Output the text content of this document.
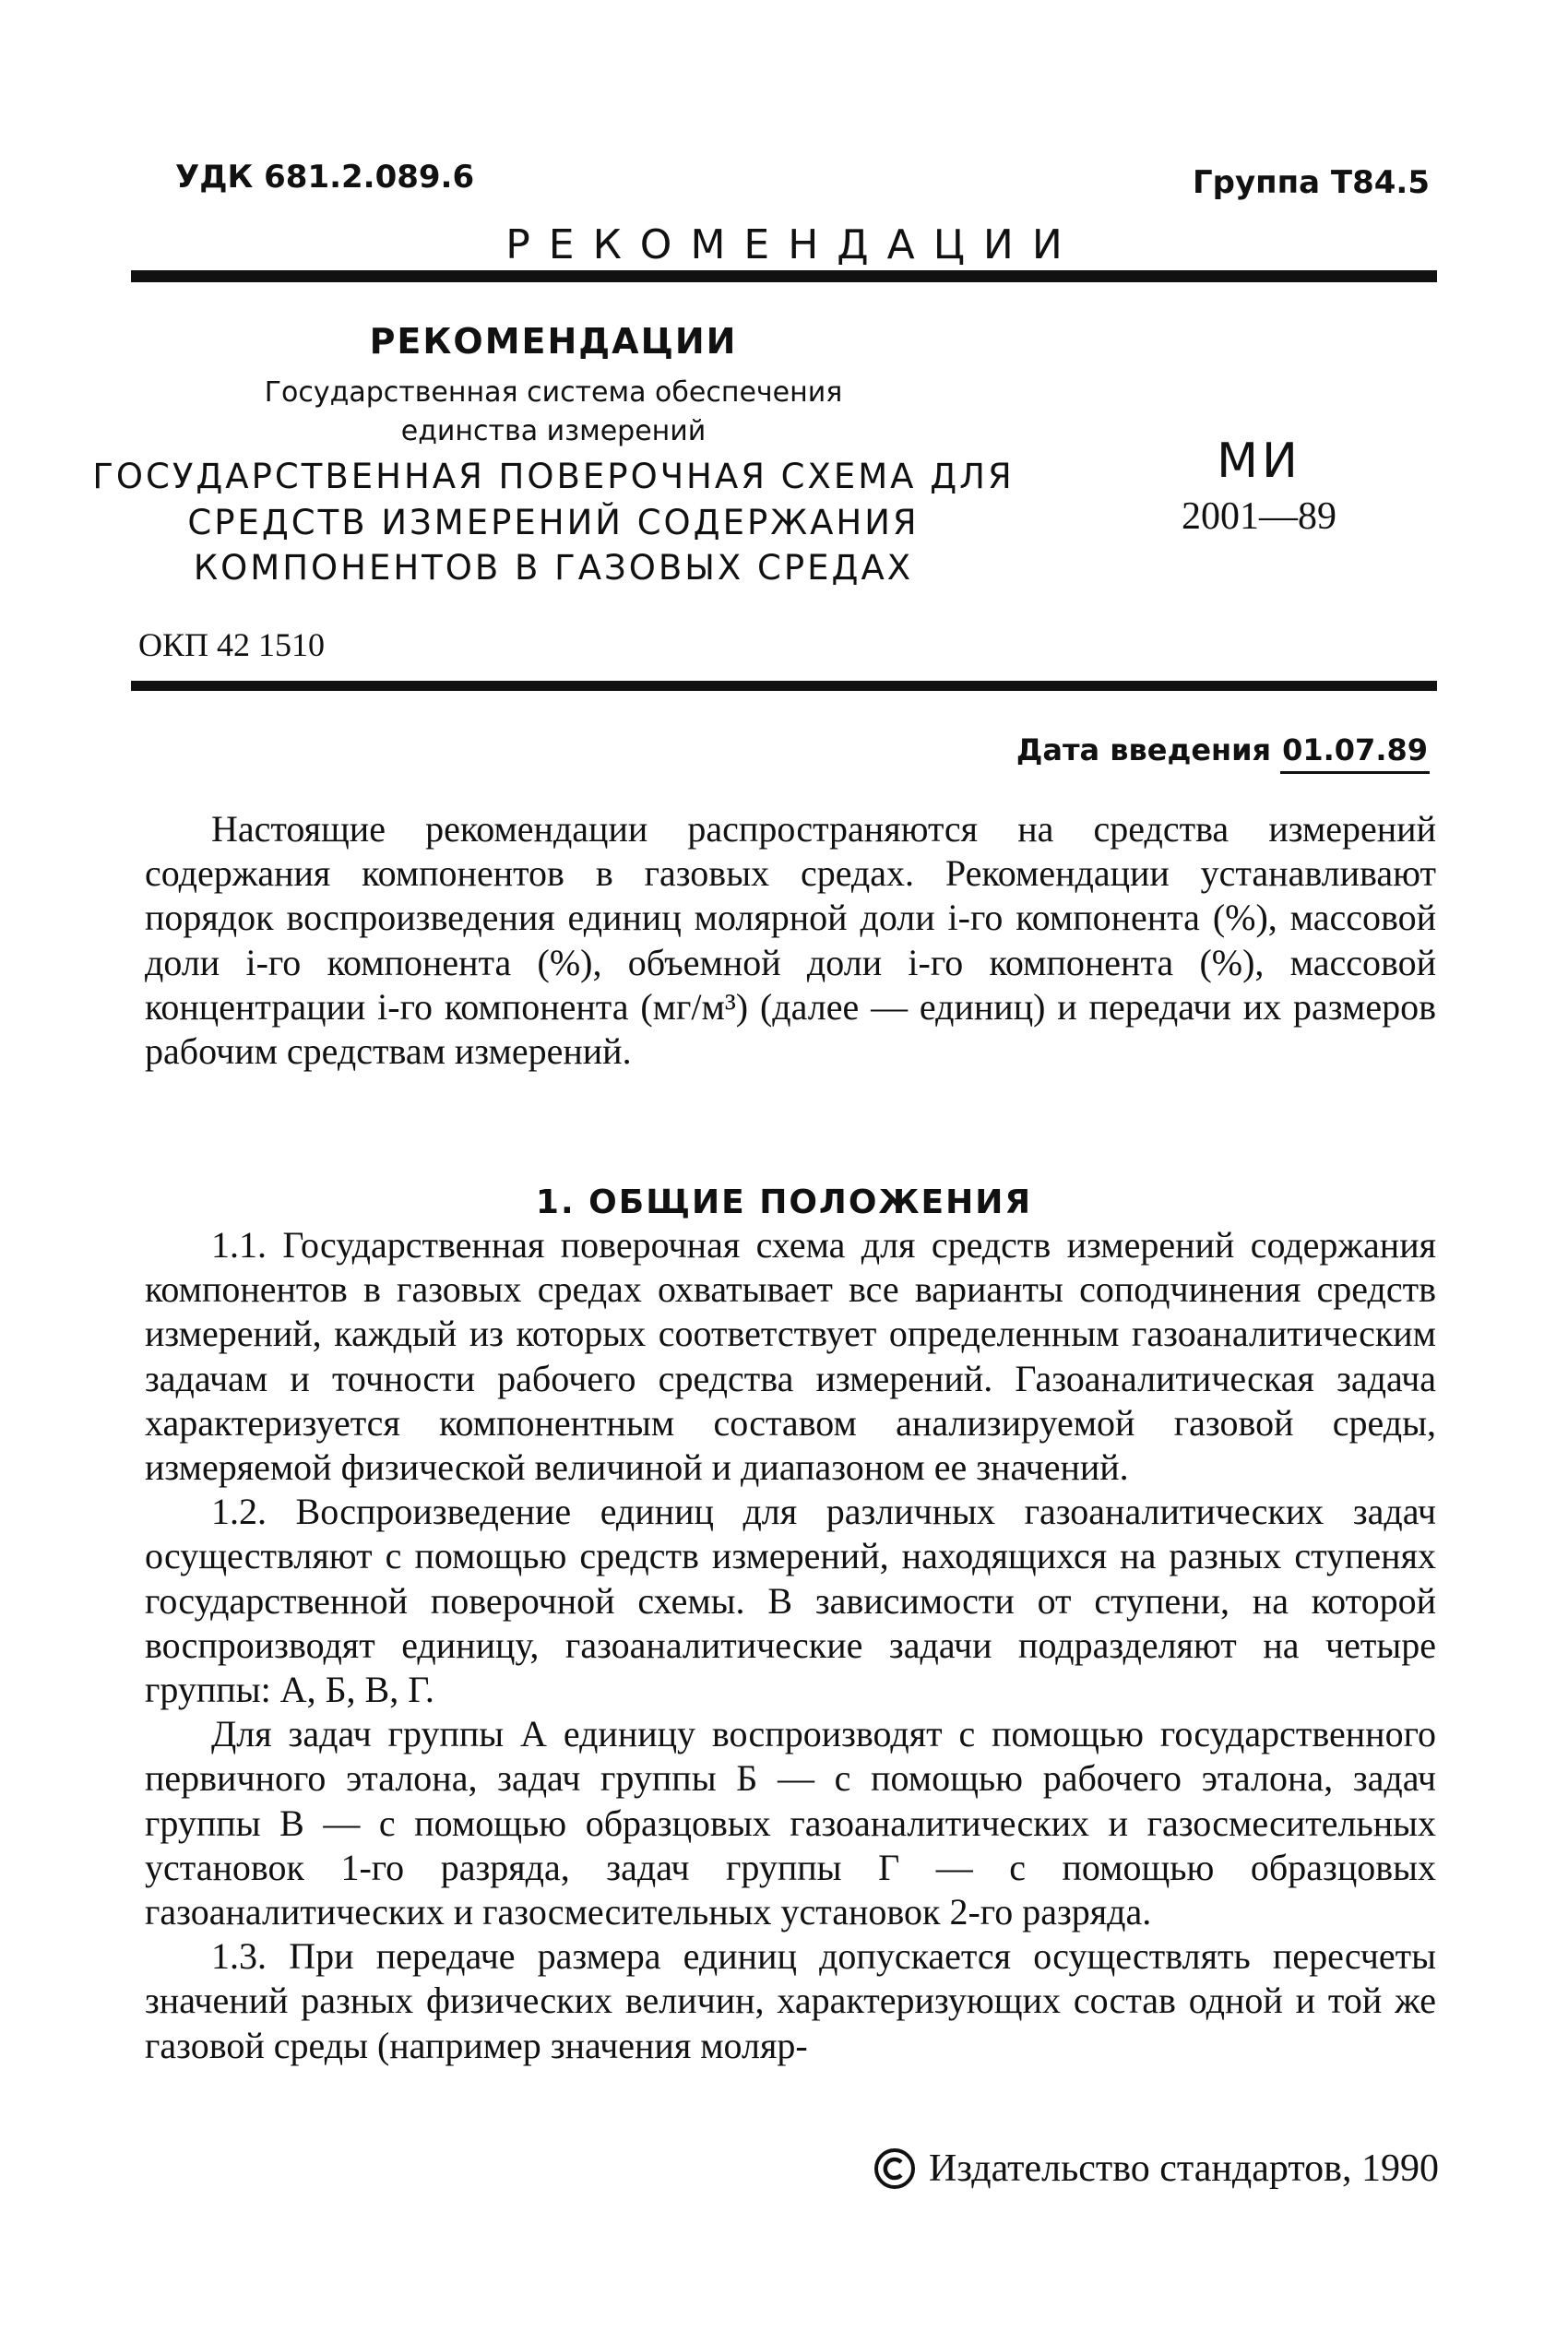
УДК 681.2.089.6	Группа Т84.5
РЕКОМЕНДАЦИИ
РЕКОМЕНДАЦИИ
Государственная система обеспечения
единства измерений
ГОСУДАРСТВЕННАЯ ПОВЕРОЧНАЯ СХЕМА ДЛЯ
СРЕДСТВ ИЗМЕРЕНИЙ СОДЕРЖАНИЯ
КОМПОНЕНТОВ В ГАЗОВЫХ СРЕДАХ
МИ
2001—89
ОКП 42 1510
Дата введения 01.07.89

Настоящие рекомендации распространяются на средства измерений содержания компонентов в газовых средах. Рекомендации устанавливают порядок воспроизведения единиц молярной доли i-го компонента (%), массовой доли i-го компонента (%), объемной доли i-го компонента (%), массовой концентрации i-го компонента (мг/м³) (далее — единиц) и передачи их размеров рабочим средствам измерений.

1. ОБЩИЕ ПОЛОЖЕНИЯ

1.1. Государственная поверочная схема для средств измерений содержания компонентов в газовых средах охватывает все варианты соподчинения средств измерений, каждый из которых соответствует определенным газоаналитическим задачам и точности рабочего средства измерений. Газоаналитическая задача характеризуется компонентным составом анализируемой газовой среды, измеряемой физической величиной и диапазоном ее значений.

1.2. Воспроизведение единиц для различных газоаналитических задач осуществляют с помощью средств измерений, находящихся на разных ступенях государственной поверочной схемы. В зависимости от ступени, на которой воспроизводят единицу, газоаналитические задачи подразделяют на четыре группы: А, Б, В, Г.

Для задач группы А единицу воспроизводят с помощью государственного первичного эталона, задач группы Б — с помощью рабочего эталона, задач группы В — с помощью образцовых газоаналитических и газосмесительных установок 1-го разряда, задач группы Г — с помощью образцовых газоаналитических и газосмесительных установок 2-го разряда.

1.3. При передаче размера единиц допускается осуществлять пересчеты значений разных физических величин, характеризующих состав одной и той же газовой среды (например значения моляр-

Издательство стандартов, 1990
